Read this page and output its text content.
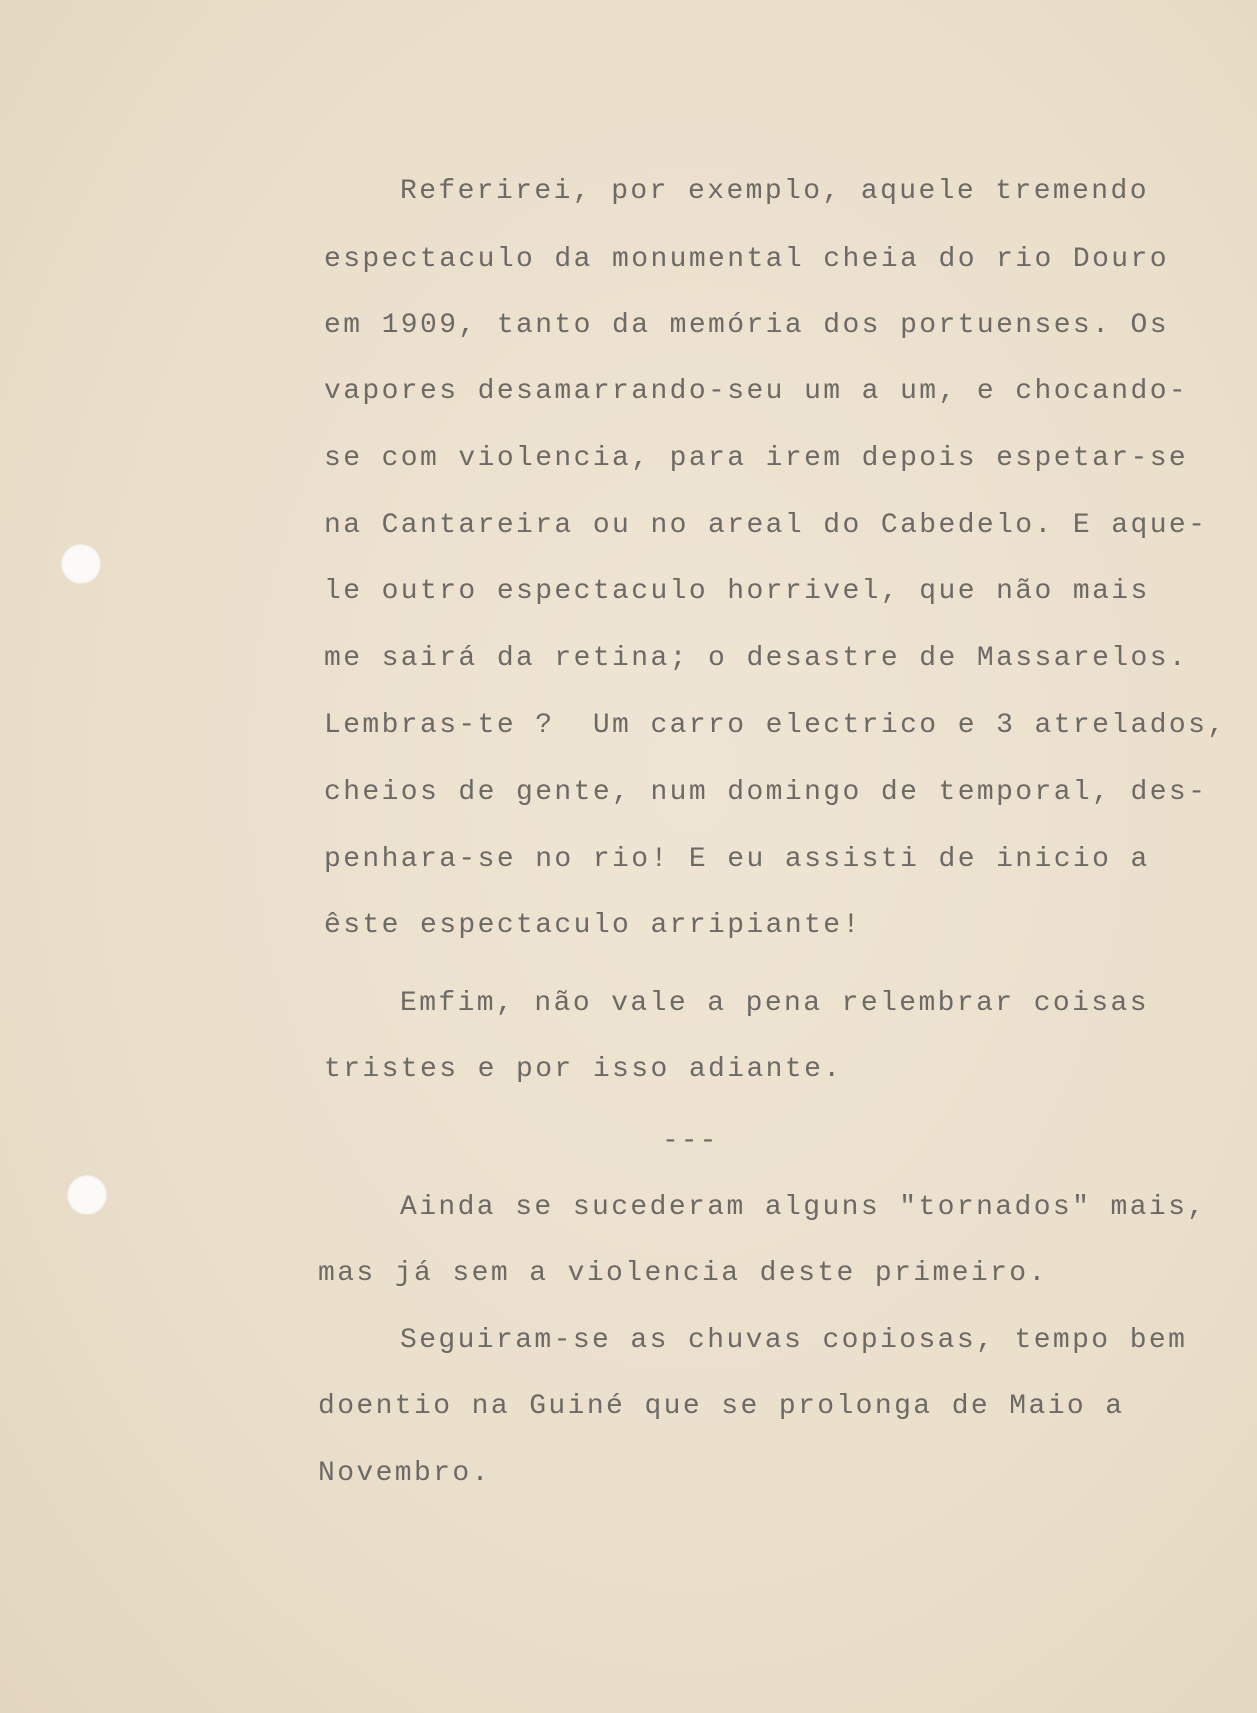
Referirei, por exemplo, aquele tremendo
espectaculo da monumental cheia do rio Douro
em 1909, tanto da memória dos portuenses. Os
vapores desamarrando-seu um a um, e chocando-
se com violencia, para irem depois espetar-se
na Cantareira ou no areal do Cabedelo. E aque-
le outro espectaculo horrivel, que não mais
me sairá da retina; o desastre de Massarelos.
Lembras-te ?  Um carro electrico e 3 atrelados,
cheios de gente, num domingo de temporal, des-
penhara-se no rio! E eu assisti de inicio a
êste espectaculo arripiante!
Emfim, não vale a pena relembrar coisas
tristes e por isso adiante.
---
Ainda se sucederam alguns "tornados" mais,
mas já sem a violencia deste primeiro.
Seguiram-se as chuvas copiosas, tempo bem
doentio na Guiné que se prolonga de Maio a
Novembro.
